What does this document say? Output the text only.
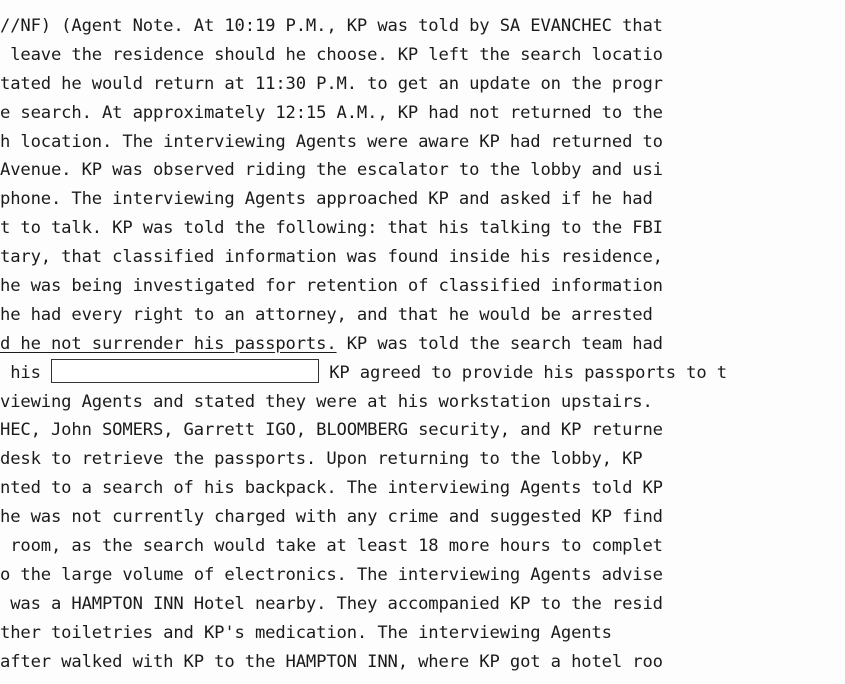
//NF) (Agent Note. At 10:19 P.M., KP was told by SA EVANCHEC that
leave the residence should he choose. KP left the search locatio
tated he would return at 11:30 P.M. to get an update on the progr
e search. At approximately 12:15 A.M., KP had not returned to the
h location. The interviewing Agents were aware KP had returned to
Avenue. KP was observed riding the escalator to the lobby and usi
phone. The interviewing Agents approached KP and asked if he had
t to talk. KP was told the following: that his talking to the FBI
tary, that classified information was found inside his residence,
he was being investigated for retention of classified information
he had every right to an attorney, and that he would be arrested
d he not surrender his passports. KP was told the search team had
his	KP agreed to provide his passports to t
viewing Agents and stated they were at his workstation upstairs.
HEC, John SOMERS, Garrett IGO, BLOOMBERG security, and KP returne
desk to retrieve the passports. Upon returning to the lobby, KP
nted to a search of his backpack. The interviewing Agents told KP
he was not currently charged with any crime and suggested KP find
room, as the search would take at least 18 more hours to complet
o the large volume of electronics. The interviewing Agents advise
was a HAMPTON INN Hotel nearby. They accompanied KP to the resid
ther toiletries and KP's medication. The interviewing Agents
after walked with KP to the HAMPTON INN, where KP got a hotel roo
